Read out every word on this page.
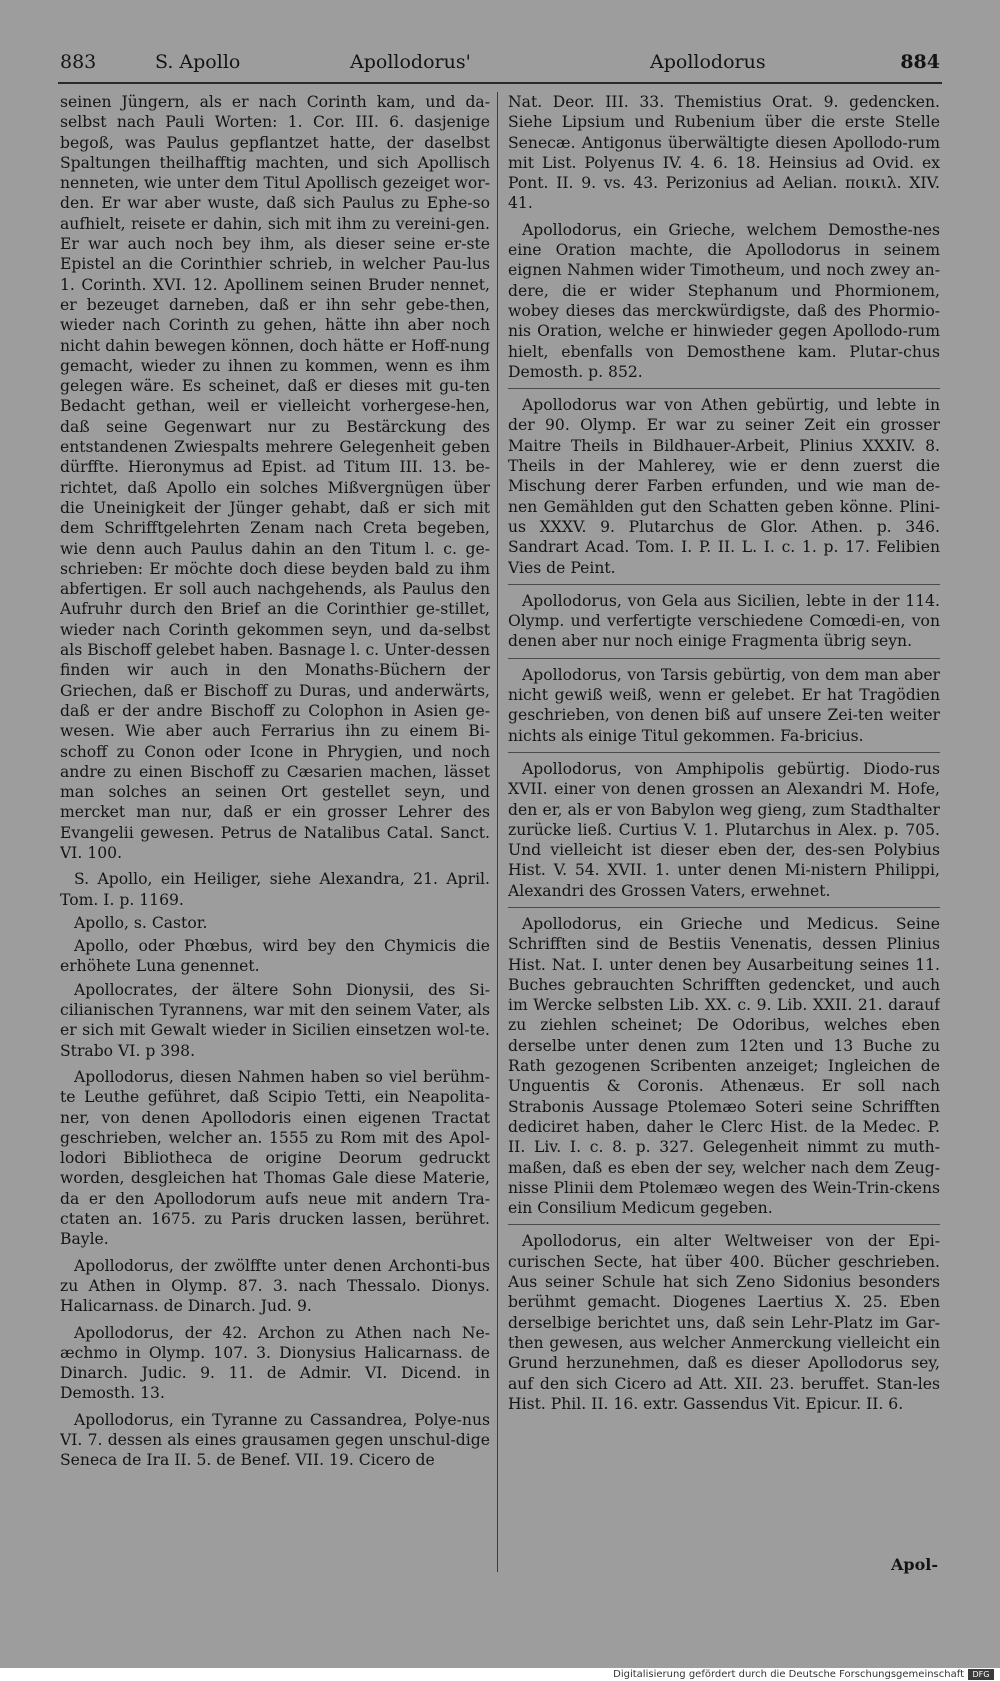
883	S. Apollo	Apollodorus'	Apollodorus	884

seinen Jüngern, als er nach Corinth kam, und da-selbst nach Pauli Worten: 1. Cor. III. 6. dasjenige begoß, was Paulus gepflantzet hatte, der daselbst Spaltungen theilhafftig machten, und sich Apollisch nenneten, wie unter dem Titul Apollisch gezeiget wor-den. Er war aber wuste, daß sich Paulus zu Ephe-so aufhielt, reisete er dahin, sich mit ihm zu vereini-gen. Er war auch noch bey ihm, als dieser seine er-ste Epistel an die Corinthier schrieb, in welcher Pau-lus 1. Corinth. XVI. 12. Apollinem seinen Bruder nennet, er bezeuget darneben, daß er ihn sehr gebe-then, wieder nach Corinth zu gehen, hätte ihn aber noch nicht dahin bewegen können, doch hätte er Hoff-nung gemacht, wieder zu ihnen zu kommen, wenn es ihm gelegen wäre. Es scheinet, daß er dieses mit gu-ten Bedacht gethan, weil er vielleicht vorhergese-hen, daß seine Gegenwart nur zu Bestärckung des entstandenen Zwiespalts mehrere Gelegenheit geben dürffte. Hieronymus ad Epist. ad Titum III. 13. be-richtet, daß Apollo ein solches Mißvergnügen über die Uneinigkeit der Jünger gehabt, daß er sich mit dem Schrifftgelehrten Zenam nach Creta begeben, wie denn auch Paulus dahin an den Titum l. c. ge-schrieben: Er möchte doch diese beyden bald zu ihm abfertigen. Er soll auch nachgehends, als Paulus den Aufruhr durch den Brief an die Corinthier ge-stillet, wieder nach Corinth gekommen seyn, und da-selbst als Bischoff gelebet haben. Basnage l. c. Unter-dessen finden wir auch in den Monaths-Büchern der Griechen, daß er Bischoff zu Duras, und anderwärts, daß er der andre Bischoff zu Colophon in Asien ge-wesen. Wie aber auch Ferrarius ihn zu einem Bi-schoff zu Conon oder Icone in Phrygien, und noch andre zu einen Bischoff zu Cæsarien machen, lässet man solches an seinen Ort gestellet seyn, und mercket man nur, daß er ein grosser Lehrer des Evangelii gewesen. Petrus de Natalibus Catal. Sanct. VI. 100.

S. Apollo, ein Heiliger, siehe Alexandra, 21. April. Tom. I. p. 1169.

Apollo, s. Castor.

Apollo, oder Phœbus, wird bey den Chymicis die erhöhete Luna genennet.

Apollocrates, der ältere Sohn Dionysii, des Si-cilianischen Tyrannens, war mit den seinem Vater, als er sich mit Gewalt wieder in Sicilien einsetzen wol-te. Strabo VI. p 398.

Apollodorus, diesen Nahmen haben so viel berühm-te Leuthe geführet, daß Scipio Tetti, ein Neapolita-ner, von denen Apollodoris einen eigenen Tractat geschrieben, welcher an. 1555 zu Rom mit des Apol-lodori Bibliotheca de origine Deorum gedruckt worden, desgleichen hat Thomas Gale diese Materie, da er den Apollodorum aufs neue mit andern Tra-ctaten an. 1675. zu Paris drucken lassen, berühret. Bayle.

Apollodorus, der zwölffte unter denen Archonti-bus zu Athen in Olymp. 87. 3. nach Thessalo. Dionys. Halicarnass. de Dinarch. Jud. 9.

Apollodorus, der 42. Archon zu Athen nach Ne-æchmo in Olymp. 107. 3. Dionysius Halicarnass. de Dinarch. Judic. 9. 11. de Admir. VI. Dicend. in Demosth. 13.

Apollodorus, ein Tyranne zu Cassandrea, Polye-nus VI. 7. dessen als eines grausamen gegen unschul-dige Seneca de Ira II. 5. de Benef. VII. 19. Cicero de

Nat. Deor. III. 33. Themistius Orat. 9. gedencken. Siehe Lipsium und Rubenium über die erste Stelle Senecæ. Antigonus überwältigte diesen Apollodo-rum mit List. Polyenus IV. 4. 6. 18. Heinsius ad Ovid. ex Pont. II. 9. vs. 43. Perizonius ad Aelian. ποικιλ. XIV. 41.

Apollodorus, ein Grieche, welchem Demosthe-nes eine Oration machte, die Apollodorus in seinem eignen Nahmen wider Timotheum, und noch zwey an-dere, die er wider Stephanum und Phormionem, wobey dieses das merckwürdigste, daß des Phormio-nis Oration, welche er hinwieder gegen Apollodo-rum hielt, ebenfalls von Demosthene kam. Plutar-chus Demosth. p. 852.

Apollodorus war von Athen gebürtig, und lebte in der 90. Olymp. Er war zu seiner Zeit ein grosser Maitre Theils in Bildhauer-Arbeit, Plinius XXXIV. 8. Theils in der Mahlerey, wie er denn zuerst die Mischung derer Farben erfunden, und wie man de-nen Gemählden gut den Schatten geben könne. Plini-us XXXV. 9. Plutarchus de Glor. Athen. p. 346. Sandrart Acad. Tom. I. P. II. L. I. c. 1. p. 17. Felibien Vies de Peint.

Apollodorus, von Gela aus Sicilien, lebte in der 114. Olymp. und verfertigte verschiedene Comœdi-en, von denen aber nur noch einige Fragmenta übrig seyn.

Apollodorus, von Tarsis gebürtig, von dem man aber nicht gewiß weiß, wenn er gelebet. Er hat Tragödien geschrieben, von denen biß auf unsere Zei-ten weiter nichts als einige Titul gekommen. Fa-bricius.

Apollodorus, von Amphipolis gebürtig. Diodo-rus XVII. einer von denen grossen an Alexandri M. Hofe, den er, als er von Babylon weg gieng, zum Stadthalter zurücke ließ. Curtius V. 1. Plutarchus in Alex. p. 705. Und vielleicht ist dieser eben der, des-sen Polybius Hist. V. 54. XVII. 1. unter denen Mi-nistern Philippi, Alexandri des Grossen Vaters, erwehnet.

Apollodorus, ein Grieche und Medicus. Seine Schrifften sind de Bestiis Venenatis, dessen Plinius Hist. Nat. I. unter denen bey Ausarbeitung seines 11. Buches gebrauchten Schrifften gedencket, und auch im Wercke selbsten Lib. XX. c. 9. Lib. XXII. 21. darauf zu ziehlen scheinet; De Odoribus, welches eben derselbe unter denen zum 12ten und 13 Buche zu Rath gezogenen Scribenten anzeiget; Ingleichen de Unguentis & Coronis. Athenæus. Er soll nach Strabonis Aussage Ptolemæo Soteri seine Schrifften dediciret haben, daher le Clerc Hist. de la Medec. P. II. Liv. I. c. 8. p. 327. Gelegenheit nimmt zu muth-maßen, daß es eben der sey, welcher nach dem Zeug-nisse Plinii dem Ptolemæo wegen des Wein-Trin-ckens ein Consilium Medicum gegeben.

Apollodorus, ein alter Weltweiser von der Epi-curischen Secte, hat über 400. Bücher geschrieben. Aus seiner Schule hat sich Zeno Sidonius besonders berühmt gemacht. Diogenes Laertius X. 25. Eben derselbige berichtet uns, daß sein Lehr-Platz im Gar-then gewesen, aus welcher Anmerckung vielleicht ein Grund herzunehmen, daß es dieser Apollodorus sey, auf den sich Cicero ad Att. XII. 23. beruffet. Stan-les Hist. Phil. II. 16. extr. Gassendus Vit. Epicur. II. 6.

Apol-
Digitalisierung gefördert durch die Deutsche Forschungsgemeinschaft	DFG
